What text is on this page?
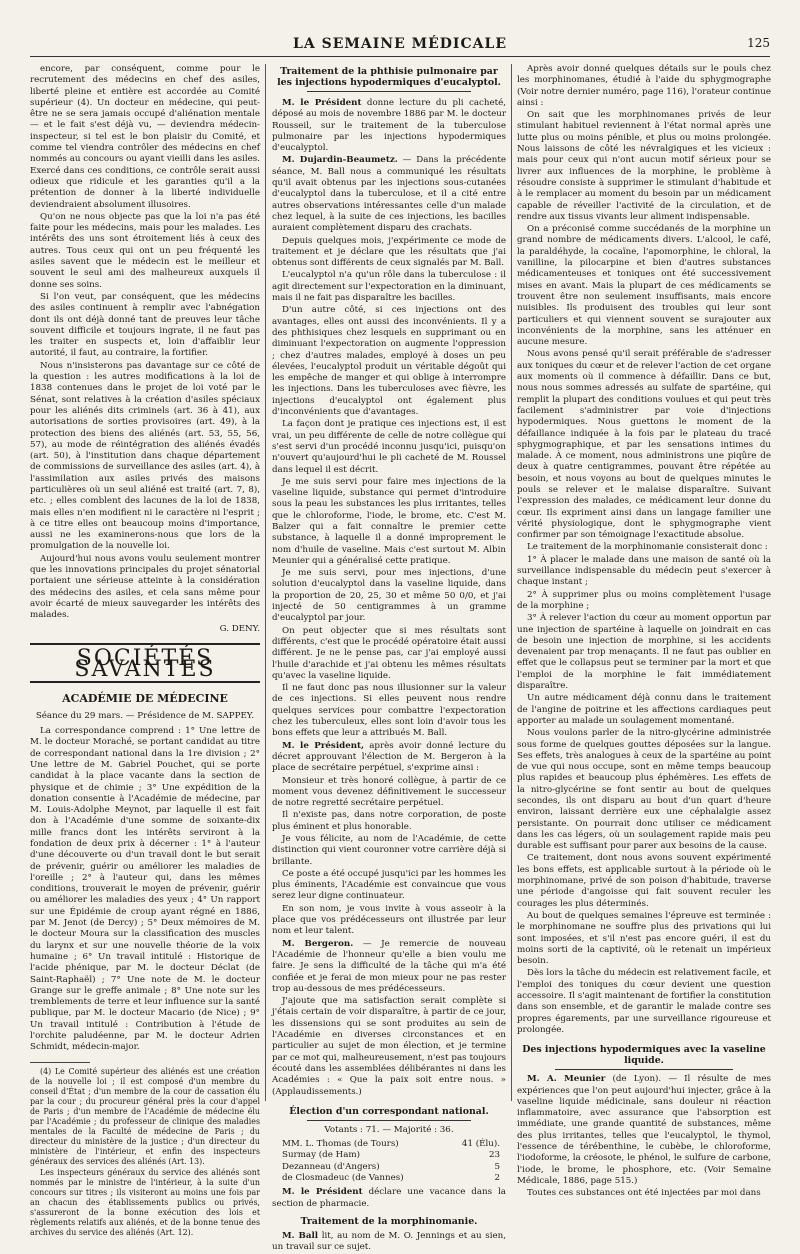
LA SEMAINE MÉDICALE	125

encore, par conséquent, comme pour le recrutement des médecins en chef des asiles, liberté pleine et entière est accordée au Comité supérieur (4). Un docteur en médecine, qui peut-être ne se sera jamais occupé d'aliénation mentale — et le fait s'est déjà vu, — deviendra médecin-inspecteur, si tel est le bon plaisir du Comité, et comme tel viendra contrôler des médecins en chef nommés au concours ou ayant vieilli dans les asiles. Exercé dans ces conditions, ce contrôle serait aussi odieux que ridicule et les garanties qu'il a la prétention de donner à la liberté individuelle deviendraient absolument illusoires.

Qu'on ne nous objecte pas que la loi n'a pas été faite pour les médecins, mais pour les malades. Les intérêts des uns sont étroitement liés à ceux des autres. Tous ceux qui ont un peu fréquenté les asiles savent que le médecin est le meilleur et souvent le seul ami des malheureux auxquels il donne ses soins.

Si l'on veut, par conséquent, que les médecins des asiles continuent à remplir avec l'abnégation dont ils ont déjà donné tant de preuves leur tâche souvent difficile et toujours ingrate, il ne faut pas les traiter en suspects et, loin d'affaiblir leur autorité, il faut, au contraire, la fortifier.

Nous n'insisterons pas davantage sur ce côté de la question : les autres modifications à la loi de 1838 contenues dans le projet de loi voté par le Sénat, sont relatives à la création d'asiles spéciaux pour les aliénés dits criminels (art. 36 à 41), aux autorisations de sorties provisoires (art. 49), à la protection des biens des aliénés (art. 53, 55, 56, 57), au mode de réintégration des aliénés évadés (art. 50), à l'institution dans chaque département de commissions de surveillance des asiles (art. 4), à l'assimilation aux asiles privés des maisons particulières où un seul aliéné est traité (art. 7, 8), etc. ; elles comblent des lacunes de la loi de 1838, mais elles n'en modifient ni le caractère ni l'esprit ; à ce titre elles ont beaucoup moins d'importance, aussi ne les examinerons-nous que lors de la promulgation de la nouvelle loi.

Aujourd'hui nous avons voulu seulement montrer que les innovations principales du projet sénatorial portaient une sérieuse atteinte à la considération des médecins des asiles, et cela sans même pour avoir écarté de mieux sauvegarder les intérêts des malades.

G. DENY.
SOCIÉTÉS SAVANTES
ACADÉMIE DE MÉDECINE
Séance du 29 mars. — Présidence de M. SAPPEY.

La correspondance comprend : 1° Une lettre de M. le docteur Moraché, se portant candidat au titre de correspondant national dans la 1re division ; 2° Une lettre de M. Gabriel Pouchet, qui se porte candidat à la place vacante dans la section de physique et de chimie ; 3° Une expédition de la donation consentie à l'Académie de médecine, par M. Louis-Adolphe Meynot, par laquelle il est fait don à l'Académie d'une somme de soixante-dix mille francs dont les intérêts serviront à la fondation de deux prix à décerner : 1° à l'auteur d'une découverte ou d'un travail dont le but serait de prévenir, guérir ou améliorer les maladies de l'oreille ; 2° à l'auteur qui, dans les mêmes conditions, trouverait le moyen de prévenir, guérir ou améliorer les maladies des yeux ; 4° Un rapport sur une Épidémie de croup ayant régné en 1886, par M. Jenot (de Dercy) ; 5° Deux mémoires de M. le docteur Moura sur la classification des muscles du larynx et sur une nouvelle théorie de la voix humaine ; 6° Un travail intitulé : Historique de l'acide phénique, par M. le docteur Déclat (de Saint-Raphaël) ; 7° Une note de M. le docteur Grange sur le greffe animale ; 8° Une note sur les tremblements de terre et leur influence sur la santé publique, par M. le docteur Macario (de Nice) ; 9° Un travail intitulé : Contribution à l'étude de l'orchite paludéenne, par M. le docteur Adrien Schmidt, médecin-major.

(4) Le Comité supérieur des aliénés est une création de la nouvelle loi ; il est composé d'un membre du conseil d'État ; d'un membre de la cour de cassation élu par la cour ; du procureur général près la cour d'appel de Paris ; d'un membre de l'Académie de médecine élu par l'Académie ; du professeur de clinique des maladies mentales de la Faculté de médecine de Paris ; du directeur du ministère de la justice ; d'un directeur du ministère de l'intérieur, et enfin des inspecteurs généraux des services des aliénés (Art. 13).

Les inspecteurs généraux du service des aliénés sont nommés par le ministre de l'intérieur, à la suite d'un concours sur titres ; ils visiteront au moins une fois par an chacun des établissements publics ou privés, s'assureront de la bonne exécution des lois et règlements relatifs aux aliénés, et de la bonne tenue des archives du service des aliénés (Art. 12).

Traitement de la phthisie pulmonaire par les injections hypodermiques d'eucalyptol.

M. le Président donne lecture du pli cacheté, déposé au mois de novembre 1886 par M. le docteur Rousseil, sur le traitement de la tuberculose pulmonaire par les injections hypodermiques d'eucalyptol.

M. Dujardin-Beaumetz. — Dans la précédente séance, M. Ball nous a communiqué les résultats qu'il avait obtenus par les injections sous-cutanées d'eucalyptol dans la tuberculose, et il a cité entre autres observations intéressantes celle d'un malade chez lequel, à la suite de ces injections, les bacilles auraient complètement disparu des crachats.

Depuis quelques mois, j'expérimente ce mode de traitement et je déclare que les résultats que j'ai obtenus sont différents de ceux signalés par M. Ball.

L'eucalyptol n'a qu'un rôle dans la tuberculose : il agit directement sur l'expectoration en la diminuant, mais il ne fait pas disparaître les bacilles.

D'un autre côté, si ces injections ont des avantages, elles ont aussi des inconvénients. Il y a des phthisiques chez lesquels en supprimant ou en diminuant l'expectoration on augmente l'oppression ; chez d'autres malades, employé à doses un peu élevées, l'eucalyptol produit un véritable dégoût qui les empêche de manger et qui oblige à interrompre les injections. Dans les tuberculoses avec fièvre, les injections d'eucalyptol ont également plus d'inconvénients que d'avantages.

La façon dont je pratique ces injections est, il est vrai, un peu différente de celle de notre collègue qui s'est servi d'un procédé inconnu jusqu'ici, puisqu'on n'ouvert qu'aujourd'hui le pli cacheté de M. Roussel dans lequel il est décrit.

Je me suis servi pour faire mes injections de la vaseline liquide, substance qui permet d'introduire sous la peau les substances les plus irritantes, telles que le chloroforme, l'iode, le brome, etc. C'est M. Balzer qui a fait connaître le premier cette substance, à laquelle il a donné improprement le nom d'huile de vaseline. Mais c'est surtout M. Albin Meunier qui a généralisé cette pratique.

Je me suis servi, pour mes injections, d'une solution d'eucalyptol dans la vaseline liquide, dans la proportion de 20, 25, 30 et même 50 0/0, et j'ai injecté de 50 centigrammes à un gramme d'eucalyptol par jour.

On peut objecter que si mes résultats sont différents, c'est que le procédé opératoire était aussi différent. Je ne le pense pas, car j'ai employé aussi l'huile d'arachide et j'ai obtenu les mêmes résultats qu'avec la vaseline liquide.

Il ne faut donc pas nous illusionner sur la valeur de ces injections. Si elles peuvent nous rendre quelques services pour combattre l'expectoration chez les tuberculeux, elles sont loin d'avoir tous les bons effets que leur a attribués M. Ball.

M. le Président, après avoir donné lecture du décret approuvant l'élection de M. Bergeron à la place de secrétaire perpétuel, s'exprime ainsi :

Monsieur et très honoré collègue, à partir de ce moment vous devenez définitivement le successeur de notre regretté secrétaire perpétuel.

Il n'existe pas, dans notre corporation, de poste plus éminent et plus honorable.

Je vous félicite, au nom de l'Académie, de cette distinction qui vient couronner votre carrière déjà si brillante.

Ce poste a été occupé jusqu'ici par les hommes les plus éminents, l'Académie est convaincue que vous serez leur digne continuateur.

En son nom, je vous invite à vous asseoir à la place que vos prédécesseurs ont illustrée par leur nom et leur talent.

M. Bergeron. — Je remercie de nouveau l'Académie de l'honneur qu'elle a bien voulu me faire. Je sens la difficulté de la tâche qui m'a été confiée et je ferai de mon mieux pour ne pas rester trop au-dessous de mes prédécesseurs.

J'ajoute que ma satisfaction serait complète si j'étais certain de voir disparaître, à partir de ce jour, les dissensions qui se sont produites au sein de l'Académie en diverses circonstances et en particulier au sujet de mon élection, et je termine par ce mot qui, malheureusement, n'est pas toujours écouté dans les assemblées délibérantes ni dans les Académies : « Que la paix soit entre nous. » (Applaudissements.)

Élection d'un correspondant national.
Votants : 71. — Majorité : 36.
MM. L. Thomas (de Tours)	41 (Élu).
Surmay (de Ham)	23
Dezanneau (d'Angers)	5
de Closmadeuc (de Vannes)	2

M. le Président déclare une vacance dans la section de pharmacie.

Traitement de la morphinomanie.

M. Ball lit, au nom de M. O. Jennings et au sien, un travail sur ce sujet.

Après avoir donné quelques détails sur le pouls chez les morphinomanes, étudié à l'aide du sphygmographe (Voir notre dernier numéro, page 116), l'orateur continue ainsi :

On sait que les morphinomanes privés de leur stimulant habituel reviennent à l'état normal après une lutte plus ou moins pénible, et plus ou moins prolongée. Nous laissons de côté les névralgiques et les vicieux : mais pour ceux qui n'ont aucun motif sérieux pour se livrer aux influences de la morphine, le problème à résoudre consiste à supprimer le stimulant d'habitude et à le remplacer au moment du besoin par un médicament capable de réveiller l'activité de la circulation, et de rendre aux tissus vivants leur aliment indispensable.

On a préconisé comme succédanés de la morphine un grand nombre de médicaments divers. L'alcool, le café, la paraldéhyde, la cocaïne, l'apomorphine, le chloral, la vanilline, la pilocarpine et bien d'autres substances médicamenteuses et toniques ont été successivement mises en avant. Mais la plupart de ces médicaments se trouvent être non seulement insuffisants, mais encore nuisibles. Ils produisent des troubles qui leur sont particuliers et qui viennent souvent se surajouter aux inconvénients de la morphine, sans les atténuer en aucune mesure.

Nous avons pensé qu'il serait préférable de s'adresser aux toniques du cœur et de relever l'action de cet organe aux moments où il commence à défaillir. Dans ce but, nous nous sommes adressés au sulfate de spartéine, qui remplit la plupart des conditions voulues et qui peut très facilement s'administrer par voie d'injections hypodermiques. Nous guettons le moment de la défaillance indiquée à la fois par le plateau du tracé sphygmographique, et par les sensations intimes du malade. À ce moment, nous administrons une piqûre de deux à quatre centigrammes, pouvant être répétée au besoin, et nous voyons au bout de quelques minutes le pouls se relever et le malaise disparaître. Suivant l'expression des malades, ce médicament leur donne du cœur. Ils expriment ainsi dans un langage familier une vérité physiologique, dont le sphygmographe vient confirmer par son témoignage l'exactitude absolue.

Le traitement de la morphinomanie consisterait donc :

1° À placer le malade dans une maison de santé où la surveillance indispensable du médecin peut s'exercer à chaque instant ;

2° À supprimer plus ou moins complètement l'usage de la morphine ;

3° À relever l'action du cœur au moment opportun par une injection de spartéine à laquelle on joindrait en cas de besoin une injection de morphine, si les accidents devenaient par trop menaçants. Il ne faut pas oublier en effet que le collapsus peut se terminer par la mort et que l'emploi de la morphine le fait immédiatement disparaître.

Un autre médicament déjà connu dans le traitement de l'angine de poitrine et les affections cardiaques peut apporter au malade un soulagement momentané.

Nous voulons parler de la nitro-glycérine administrée sous forme de quelques gouttes déposées sur la langue. Ses effets, très analogues à ceux de la spartéine au point de vue qui nous occupe, sont en même temps beaucoup plus rapides et beaucoup plus éphémères. Les effets de la nitro-glycérine se font sentir au bout de quelques secondes, ils ont disparu au bout d'un quart d'heure environ, laissant derrière eux une céphalalgie assez persistante. On pourrait donc utiliser ce médicament dans les cas légers, où un soulagement rapide mais peu durable est suffisant pour parer aux besoins de la cause.

Ce traitement, dont nous avons souvent expérimenté les bons effets, est applicable surtout à la période où le morphinomane, privé de son poison d'habitude, traverse une période d'angoisse qui fait souvent reculer les courages les plus déterminés.

Au bout de quelques semaines l'épreuve est terminée : le morphinomane ne souffre plus des privations qui lui sont imposées, et s'il n'est pas encore guéri, il est du moins sorti de la captivité, où le retenait un impérieux besoin.

Dès lors la tâche du médecin est relativement facile, et l'emploi des toniques du cœur devient une question accessoire. Il s'agit maintenant de fortifier la constitution dans son ensemble, et de garantir le malade contre ses propres égarements, par une surveillance rigoureuse et prolongée.

Des injections hypodermiques avec la vaseline liquide.

M. A. Meunier (de Lyon). — Il résulte de mes expériences que l'on peut aujourd'hui injecter, grâce à la vaseline liquide médicinale, sans douleur ni réaction inflammatoire, avec assurance que l'absorption est immédiate, une grande quantité de substances, même des plus irritantes, telles que l'eucalyptol, le thymol, l'essence de térébenthine, le cubèbe, le chloroforme, l'iodoforme, la créosote, le phénol, le sulfure de carbone, l'iode, le brome, le phosphore, etc. (Voir Semaine Médicale, 1886, page 515.)

Toutes ces substances ont été injectées par moi dans
